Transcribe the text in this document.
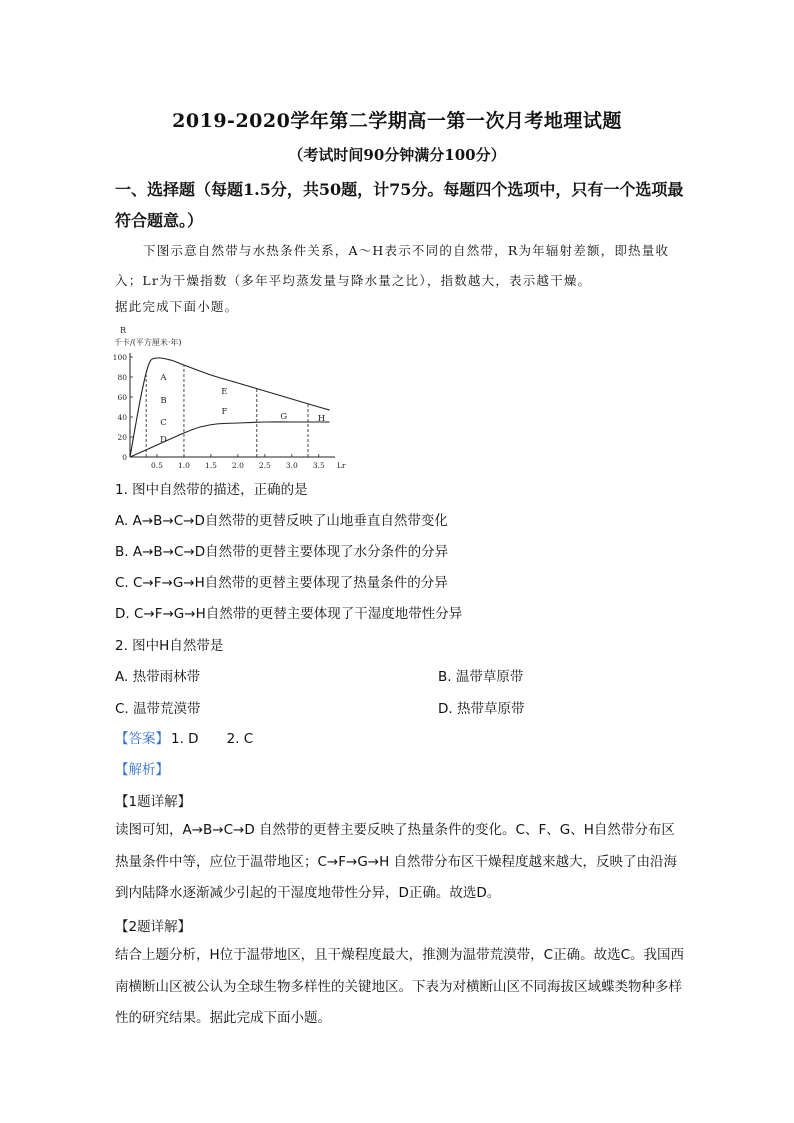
2019-2020学年第二学期高一第一次月考地理试题
（考试时间90分钟满分100分）
一、选择题（每题1.5分，共50题，计75分。每题四个选项中，只有一个选项最符合题意。）
下图示意自然带与水热条件关系，A～H表示不同的自然带，R为年辐射差额，即热量收入；Lr为干燥指数（多年平均蒸发量与降水量之比），指数越大，表示越干燥。
据此完成下面小题。
R
千卡/(平方厘米·年)
0
20
40
60
80
100
0.5 1.0 1.5 2.0 2.5 3.0 3.5 Lr
A
B
C
D
E
F	G	H
1. 图中自然带的描述，正确的是
A. A→B→C→D自然带的更替反映了山地垂直自然带变化
B. A→B→C→D自然带的更替主要体现了水分条件的分异
C. C→F→G→H自然带的更替主要体现了热量条件的分异
D. C→F→G→H自然带的更替主要体现了干湿度地带性分异
2. 图中H自然带是
A. 热带雨林带	B. 温带草原带
C. 温带荒漠带	D. 热带草原带
【答案】 1. D 2. C
【解析】
【1题详解】
读图可知，A→B→C→D 自然带的更替主要反映了热量条件的变化。C、F、G、H自然带分布区热量条件中等，应位于温带地区；C→F→G→H 自然带分布区干燥程度越来越大，反映了由沿海到内陆降水逐渐减少引起的干湿度地带性分异，D正确。故选D。
【2题详解】
结合上题分析，H位于温带地区，且干燥程度最大，推测为温带荒漠带，C正确。故选C。我国西南横断山区被公认为全球生物多样性的关键地区。下表为对横断山区不同海拔区域蝶类物种多样性的研究结果。据此完成下面小题。
